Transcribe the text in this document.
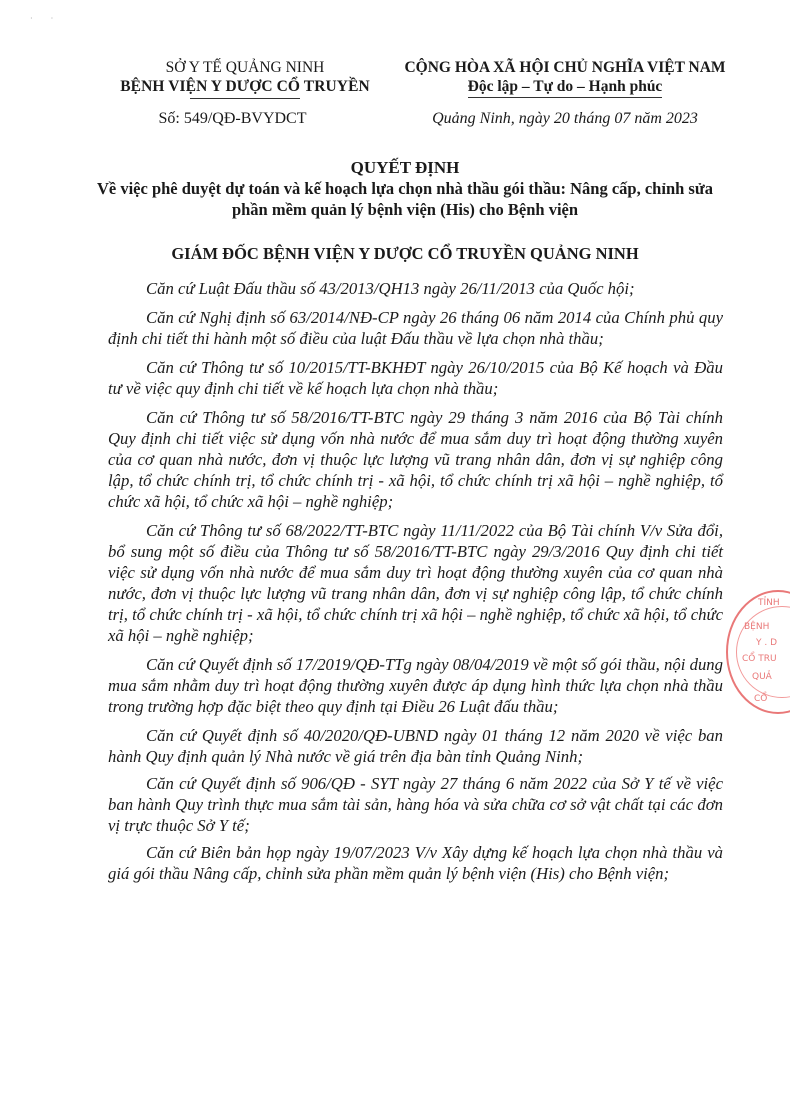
·         ·
SỞ Y TẾ QUẢNG NINH
BỆNH VIỆN Y DƯỢC CỔ TRUYỀN
Số: 549/QĐ-BVYDCT
CỘNG HÒA XÃ HỘI CHỦ NGHĨA VIỆT NAM
Độc lập – Tự do – Hạnh phúc
Quảng Ninh, ngày 20 tháng 07 năm 2023
QUYẾT ĐỊNH
Về việc phê duyệt dự toán và kế hoạch lựa chọn nhà thầu gói thầu: Nâng cấp, chỉnh sửa phần mềm quản lý bệnh viện (His) cho Bệnh viện
GIÁM ĐỐC BỆNH VIỆN Y DƯỢC CỔ TRUYỀN QUẢNG NINH

Căn cứ Luật Đấu thầu số 43/2013/QH13 ngày 26/11/2013 của Quốc hội;

Căn cứ Nghị định số 63/2014/NĐ-CP ngày 26 tháng 06 năm 2014 của Chính phủ quy định chi tiết thi hành một số điều của luật Đấu thầu về lựa chọn nhà thầu;

Căn cứ Thông tư số 10/2015/TT-BKHĐT ngày 26/10/2015 của Bộ Kế hoạch và Đầu tư về việc quy định chi tiết về kế hoạch lựa chọn nhà thầu;

Căn cứ Thông tư số 58/2016/TT-BTC ngày 29 tháng 3 năm 2016 của Bộ Tài chính Quy định chi tiết việc sử dụng vốn nhà nước để mua sắm duy trì hoạt động thường xuyên của cơ quan nhà nước, đơn vị thuộc lực lượng vũ trang nhân dân, đơn vị sự nghiệp công lập, tổ chức chính trị, tổ chức chính trị - xã hội, tổ chức chính trị xã hội – nghề nghiệp, tổ chức xã hội, tổ chức xã hội – nghề nghiệp;

Căn cứ Thông tư số 68/2022/TT-BTC ngày 11/11/2022 của Bộ Tài chính V/v Sửa đổi, bổ sung một số điều của Thông tư số 58/2016/TT-BTC ngày 29/3/2016 Quy định chi tiết việc sử dụng vốn nhà nước để mua sắm duy trì hoạt động thường xuyên của cơ quan nhà nước, đơn vị thuộc lực lượng vũ trang nhân dân, đơn vị sự nghiệp công lập, tổ chức chính trị, tổ chức chính trị - xã hội, tổ chức chính trị xã hội – nghề nghiệp, tổ chức xã hội, tổ chức xã hội – nghề nghiệp;

Căn cứ Quyết định số 17/2019/QĐ-TTg ngày 08/04/2019 về một số gói thầu, nội dung mua sắm nhằm duy trì hoạt động thường xuyên được áp dụng hình thức lựa chọn nhà thầu trong trường hợp đặc biệt theo quy định tại Điều 26 Luật đấu thầu;

Căn cứ Quyết định số 40/2020/QĐ-UBND ngày 01 tháng 12 năm 2020 về việc ban hành Quy định quản lý Nhà nước về giá trên địa bàn tỉnh Quảng Ninh;

Căn cứ Quyết định số 906/QĐ - SYT ngày 27 tháng 6 năm 2022 của Sở Y tế về việc ban hành Quy trình thực mua sắm tài sản, hàng hóa và sửa chữa cơ sở vật chất tại các đơn vị trực thuộc Sở Y tế;

Căn cứ Biên bản họp ngày 19/07/2023 V/v Xây dựng kế hoạch lựa chọn nhà thầu và giá gói thầu Nâng cấp, chỉnh sửa phần mềm quản lý bệnh viện (His) cho Bệnh viện;

TỈNH
BỆNH
Y . D
CỔ TRU
QUẢ
CỔ
